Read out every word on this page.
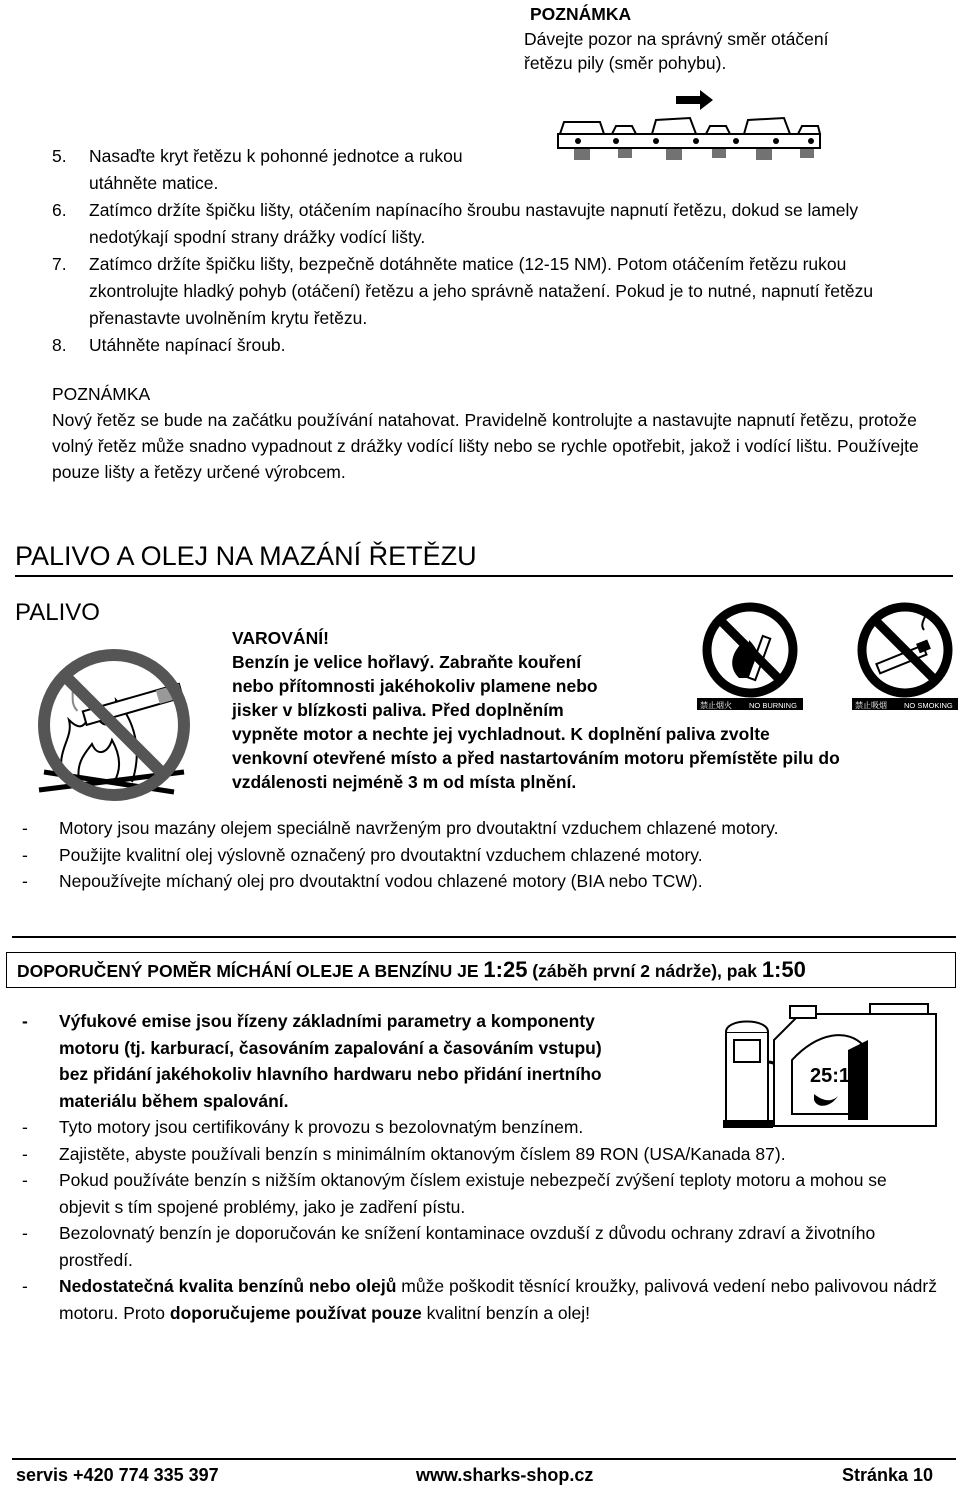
POZNÁMKA

Dávejte pozor na správný směr otáčení

řetězu pily (směr pohybu).

5. Nasaďte kryt řetězu k pohonné jednotce a rukou utáhněte matice.
6. Zatímco držíte špičku lišty, otáčením napínacího šroubu nastavujte napnutí řetězu, dokud se lamely nedotýkají spodní strany drážky vodící lišty.
7. Zatímco držíte špičku lišty, bezpečně dotáhněte matice (12-15 NM). Potom otáčením řetězu rukou zkontrolujte hladký pohyb (otáčení) řetězu a jeho správně natažení. Pokud je to nutné, napnutí řetězu přenastavte uvolněním krytu řetězu.
8. Utáhněte napínací šroub.

POZNÁMKA

Nový řetěz se bude na začátku používání natahovat. Pravidelně kontrolujte a nastavujte napnutí řetězu, protože volný řetěz může snadno vypadnout z drážky vodící lišty nebo se rychle opotřebit, jakož i vodící lištu. Používejte pouze lišty a řetězy určené výrobcem.

PALIVO A OLEJ NA MAZÁNÍ ŘETĚZU
PALIVO

VAROVÁNÍ!

Benzín je velice hořlavý. Zabraňte kouření

nebo přítomnosti jakéhokoliv plamene nebo

jisker v blízkosti paliva. Před doplněním

vypněte motor a nechte jej vychladnout. K doplnění paliva zvolte

venkovní otevřené místo a před nastartováním motoru přemístěte pilu do

vzdálenosti nejméně 3 m od místa plnění.

禁止烟火 NO BURNING	禁止吸烟 NO SMOKING
- Motory jsou mazány olejem speciálně navrženým pro dvoutaktní vzduchem chlazené motory.
- Použijte kvalitní olej výslovně označený pro dvoutaktní vzduchem chlazené motory.
- Nepoužívejte míchaný olej pro dvoutaktní vodou chlazené motory (BIA nebo TCW).
DOPORUČENÝ POMĚR MÍCHÁNÍ OLEJE A BENZÍNU JE 1:25 (záběh první 2 nádrže), pak 1:50
25:1
- Výfukové emise jsou řízeny základními parametry a komponenty
motoru (tj. karburací, časováním zapalování a časováním vstupu)
bez přidání jakéhokoliv hlavního hardwaru nebo přidání inertního
materiálu během spalování.
- Tyto motory jsou certifikovány k provozu s bezolovnatým benzínem.
- Zajistěte, abyste používali benzín s minimálním oktanovým číslem 89 RON (USA/Kanada 87).
- Pokud používáte benzín s nižším oktanovým číslem existuje nebezpečí zvýšení teploty motoru a mohou se objevit s tím spojené problémy, jako je zadření pístu.
- Bezolovnatý benzín je doporučován ke snížení kontaminace ovzduší z důvodu ochrany zdraví a životního prostředí.
- Nedostatečná kvalita benzínů nebo olejů může poškodit těsnící kroužky, palivová vedení nebo palivovou nádrž motoru. Proto doporučujeme používat pouze kvalitní benzín a olej!
servis +420 774 335 397	www.sharks-shop.cz	Stránka 10
